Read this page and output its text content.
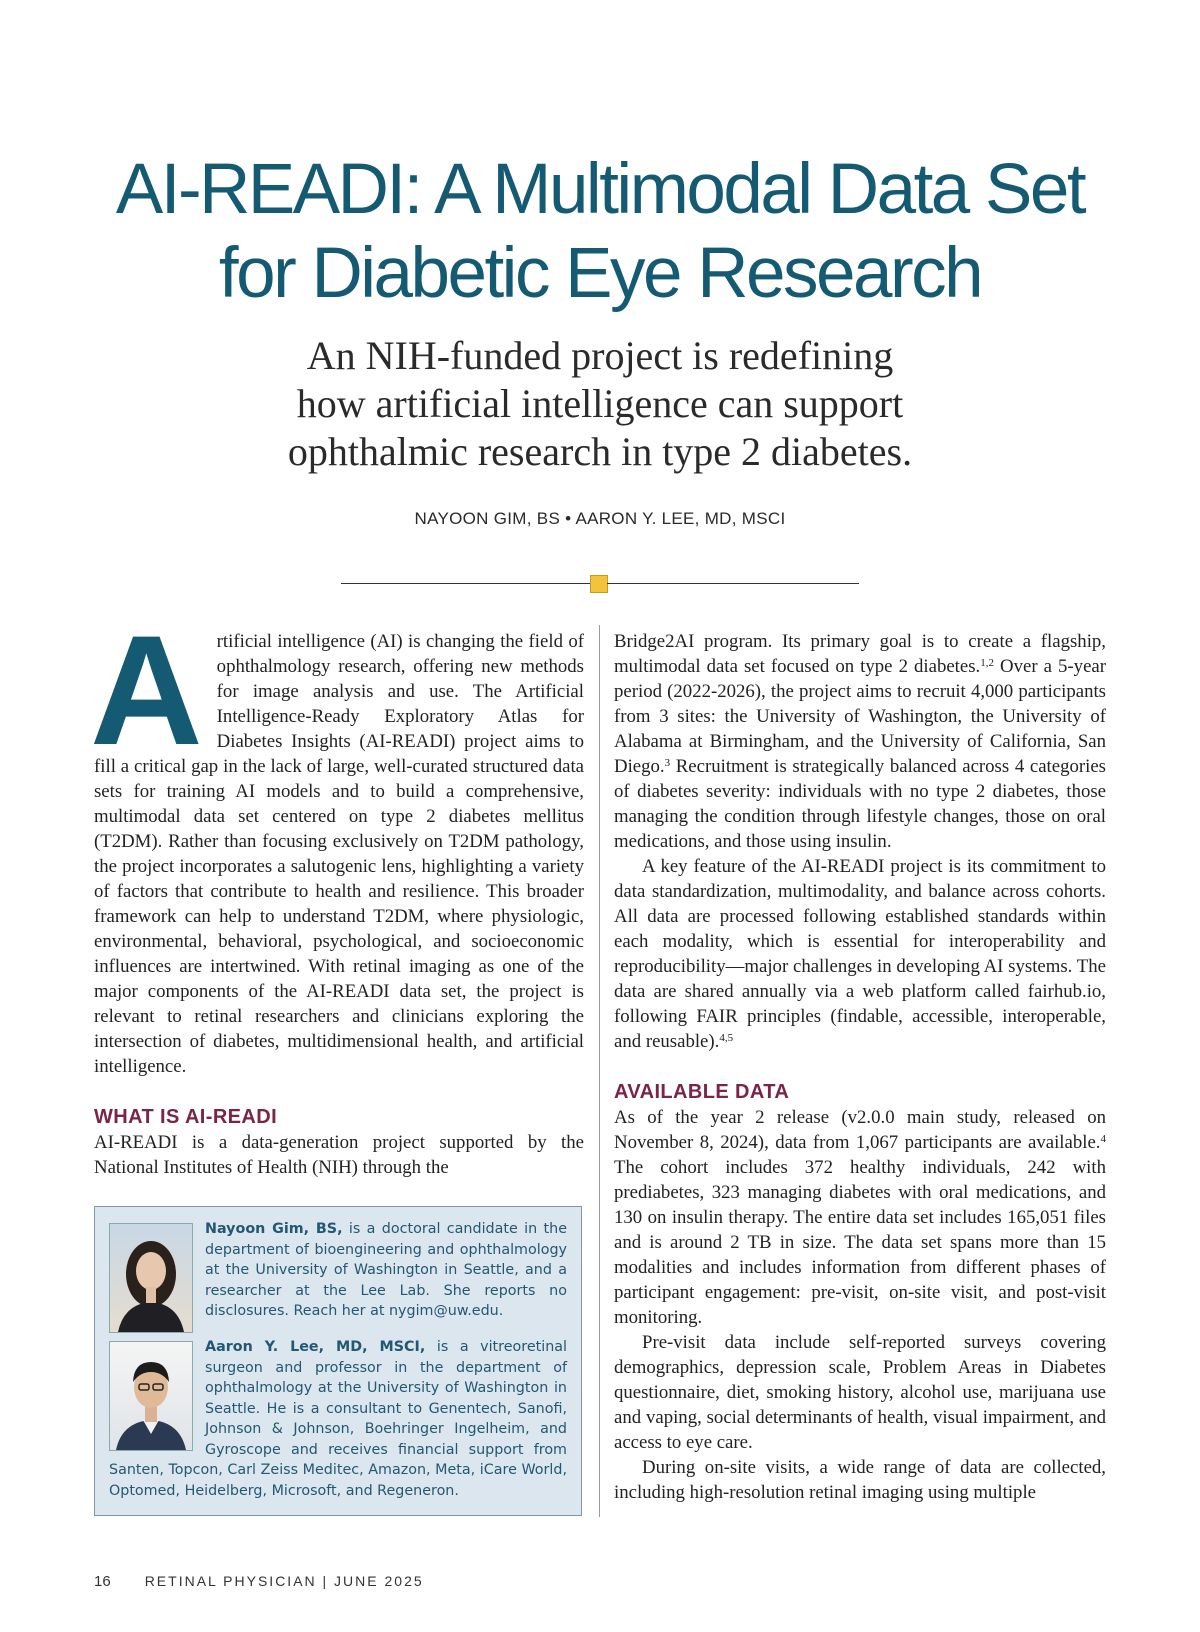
AI-READI: A Multimodal Data Set
for Diabetic Eye Research
An NIH-funded project is redefining
how artificial intelligence can support
ophthalmic research in type 2 diabetes.
NAYOON GIM, BS • AARON Y. LEE, MD, MSCI

Artificial intelligence (AI) is changing the field of ophthalmology research, offering new methods for image analysis and use. The Artificial Intelligence-Ready Exploratory Atlas for Diabetes Insights (AI-READI) project aims to fill a critical gap in the lack of large, well-curated structured data sets for training AI models and to build a comprehensive, multimodal data set centered on type 2 diabetes mellitus (T2DM). Rather than focusing exclusively on T2DM pathology, the project incorporates a salutogenic lens, highlighting a variety of factors that contribute to health and resilience. This broader framework can help to understand T2DM, where physiologic, environmental, behavioral, psychological, and socioeconomic influences are intertwined. With retinal imaging as one of the major components of the AI-READI data set, the project is relevant to retinal researchers and clinicians exploring the intersection of diabetes, multidimensional health, and artificial intelligence.

WHAT IS AI-READI

AI-READI is a data-generation project supported by the National Institutes of Health (NIH) through the

Bridge2AI program. Its primary goal is to create a flagship, multimodal data set focused on type 2 diabetes.$^{1,2}$ Over a 5-year period (2022-2026), the project aims to recruit 4,000 participants from 3 sites: the University of Washington, the University of Alabama at Birmingham, and the University of California, San Diego.$^3$ Recruitment is strategically balanced across 4 categories of diabetes severity: individuals with no type 2 diabetes, those managing the condition through lifestyle changes, those on oral medications, and those using insulin.

A key feature of the AI-READI project is its commitment to data standardization, multimodality, and balance across cohorts. All data are processed following established standards within each modality, which is essential for interoperability and reproducibility—major challenges in developing AI systems. The data are shared annually via a web platform called fairhub.io, following FAIR principles (findable, accessible, interoperable, and reusable).$^{4,5}$

AVAILABLE DATA

As of the year 2 release (v2.0.0 main study, released on November 8, 2024), data from 1,067 participants are available.$^4$ The cohort includes 372 healthy individuals, 242 with prediabetes, 323 managing diabetes with oral medications, and 130 on insulin therapy. The entire data set includes 165,051 files and is around 2 TB in size. The data set spans more than 15 modalities and includes information from different phases of participant engagement: pre-visit, on-site visit, and post-visit monitoring.

Pre-visit data include self-reported surveys covering demographics, depression scale, Problem Areas in Diabetes questionnaire, diet, smoking history, alcohol use, marijuana use and vaping, social determinants of health, visual impairment, and access to eye care.

During on-site visits, a wide range of data are collected, including high-resolution retinal imaging using multiple

Nayoon Gim, BS, is a doctoral candidate in the department of bioengineering and ophthalmology at the University of Washington in Seattle, and a researcher at the Lee Lab. She reports no disclosures. Reach her at nygim@uw.edu.

Aaron Y. Lee, MD, MSCI, is a vitreoretinal surgeon and professor in the department of ophthalmology at the University of Washington in Seattle. He is a consultant to Genentech, Sanofi, Johnson & Johnson, Boehringer Ingelheim, and Gyroscope and receives financial support from Santen, Topcon, Carl Zeiss Meditec, Amazon, Meta, iCare World, Optomed, Heidelberg, Microsoft, and Regeneron.

16 RETINAL PHYSICIAN | JUNE 2025
